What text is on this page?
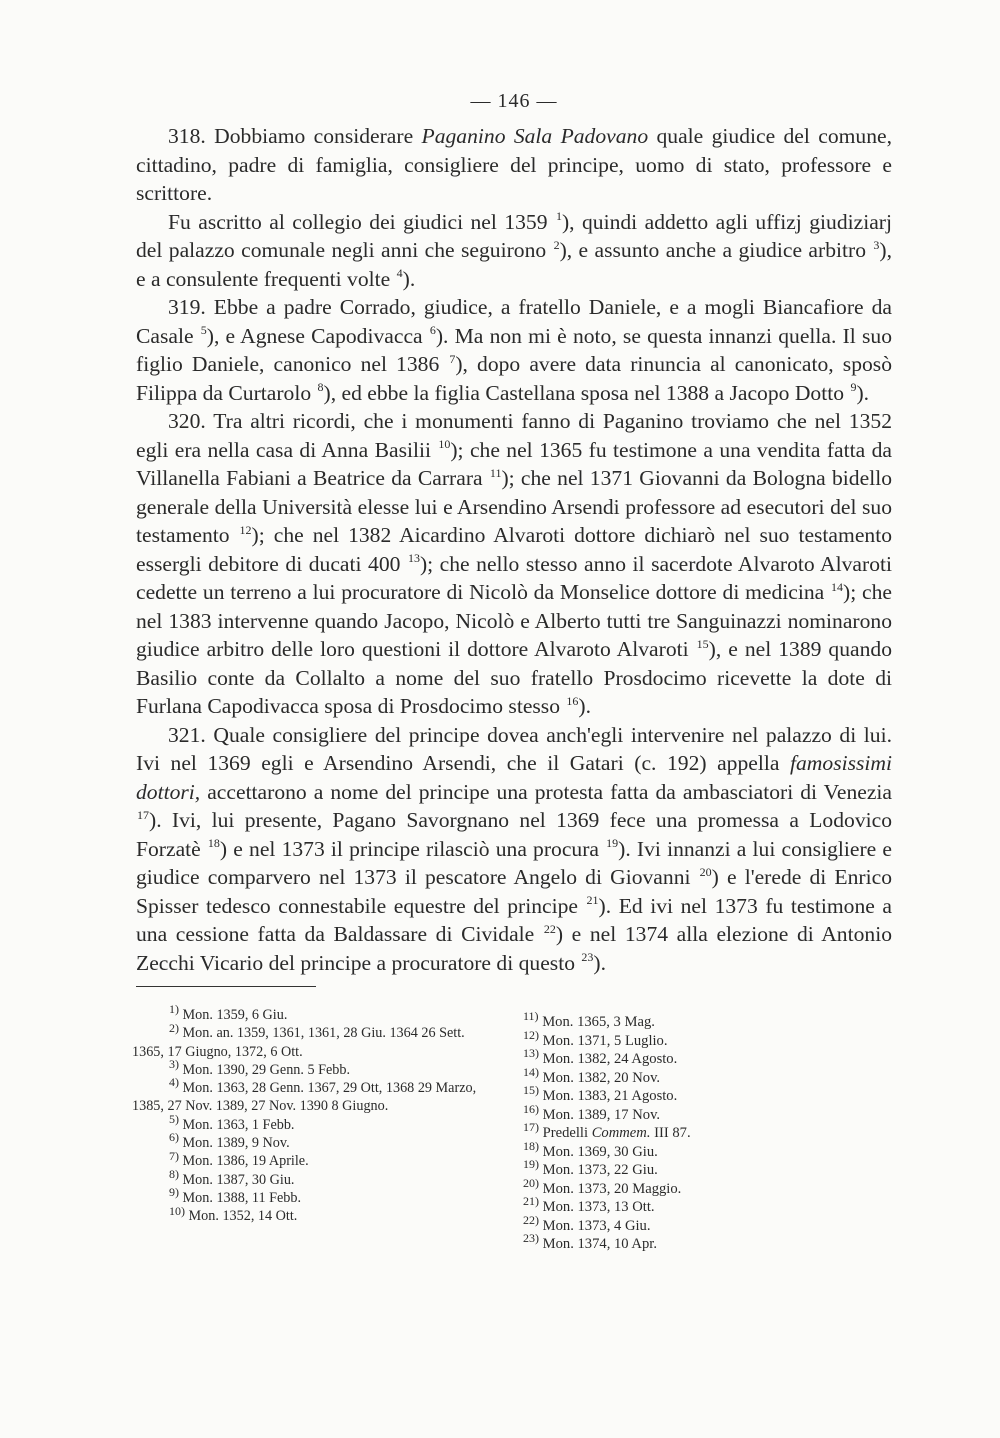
— 146 —

318. Dobbiamo considerare Paganino Sala Padovano quale giudice del comune, cittadino, padre di famiglia, consigliere del principe, uomo di stato, professore e scrittore.

Fu ascritto al collegio dei giudici nel 1359 $^1$), quindi addetto agli uffizj giudiziarj del palazzo comunale negli anni che seguirono $^2$), e assunto anche a giudice arbitro $^3$), e a consulente frequenti volte $^4$).

319. Ebbe a padre Corrado, giudice, a fratello Daniele, e a mogli Biancafiore da Casale $^5$), e Agnese Capodivacca $^6$). Ma non mi è noto, se questa innanzi quella. Il suo figlio Daniele, canonico nel 1386 $^7$), dopo avere data rinuncia al canonicato, sposò Filippa da Curtarolo $^8$), ed ebbe la figlia Castellana sposa nel 1388 a Jacopo Dotto $^9$).

320. Tra altri ricordi, che i monumenti fanno di Paganino troviamo che nel 1352 egli era nella casa di Anna Basilii $^{10}$); che nel 1365 fu testimone a una vendita fatta da Villanella Fabiani a Beatrice da Carrara $^{11}$); che nel 1371 Giovanni da Bologna bidello generale della Università elesse lui e Arsendino Arsendi professore ad esecutori del suo testamento $^{12}$); che nel 1382 Aicardino Alvaroti dottore dichiarò nel suo testamento essergli debitore di ducati 400 $^{13}$); che nello stesso anno il sacerdote Alvaroto Alvaroti cedette un terreno a lui procuratore di Nicolò da Monselice dottore di medicina $^{14}$); che nel 1383 intervenne quando Jacopo, Nicolò e Alberto tutti tre Sanguinazzi nominarono giudice arbitro delle loro questioni il dottore Alvaroto Alvaroti $^{15}$), e nel 1389 quando Basilio conte da Collalto a nome del suo fratello Prosdocimo ricevette la dote di Furlana Capodivacca sposa di Prosdocimo stesso $^{16}$).

321. Quale consigliere del principe dovea anch'egli intervenire nel palazzo di lui. Ivi nel 1369 egli e Arsendino Arsendi, che il Gatari (c. 192) appella famosissimi dottori, accettarono a nome del principe una protesta fatta da ambasciatori di Venezia $^{17}$). Ivi, lui presente, Pagano Savorgnano nel 1369 fece una promessa a Lodovico Forzatè $^{18}$) e nel 1373 il principe rilasciò una procura $^{19}$). Ivi innanzi a lui consigliere e giudice comparvero nel 1373 il pescatore Angelo di Giovanni $^{20}$) e l'erede di Enrico Spisser tedesco connestabile equestre del principe $^{21}$). Ed ivi nel 1373 fu testimone a una cessione fatta da Baldassare di Cividale $^{22}$) e nel 1374 alla elezione di Antonio Zecchi Vicario del principe a procuratore di questo $^{23}$).

$^{1)}$ Mon. 1359, 6 Giu.

$^{2)}$ Mon. an. 1359, 1361, 1361, 28 Giu. 1364 26 Sett. 1365, 17 Giugno, 1372, 6 Ott.

$^{3)}$ Mon. 1390, 29 Genn. 5 Febb.

$^{4)}$ Mon. 1363, 28 Genn. 1367, 29 Ott, 1368 29 Marzo, 1385, 27 Nov. 1389, 27 Nov. 1390 8 Giugno.

$^{5)}$ Mon. 1363, 1 Febb.

$^{6)}$ Mon. 1389, 9 Nov.

$^{7)}$ Mon. 1386, 19 Aprile.

$^{8)}$ Mon. 1387, 30 Giu.

$^{9)}$ Mon. 1388, 11 Febb.

$^{10)}$ Mon. 1352, 14 Ott.

$^{11)}$ Mon. 1365, 3 Mag.

$^{12)}$ Mon. 1371, 5 Luglio.

$^{13)}$ Mon. 1382, 24 Agosto.

$^{14)}$ Mon. 1382, 20 Nov.

$^{15)}$ Mon. 1383, 21 Agosto.

$^{16)}$ Mon. 1389, 17 Nov.

$^{17)}$ Predelli Commem. III 87.

$^{18)}$ Mon. 1369, 30 Giu.

$^{19)}$ Mon. 1373, 22 Giu.

$^{20)}$ Mon. 1373, 20 Maggio.

$^{21)}$ Mon. 1373, 13 Ott.

$^{22)}$ Mon. 1373, 4 Giu.

$^{23)}$ Mon. 1374, 10 Apr.
